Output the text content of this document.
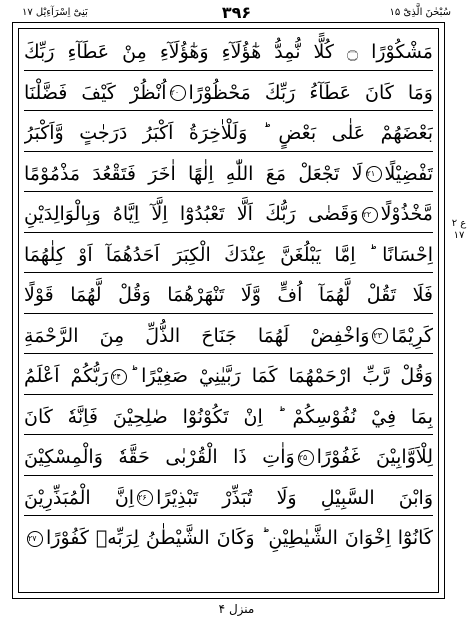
سُبْحٰنَ الَّذِیْٓ ۱۵
۳۹۶
بَنِیْٓ اِسْرَآءِیْل ۱۷
مَشْكُوْرًا ۝ كُلًّا نُّمِدُّ هٰٓؤُلَآءِ وَهٰٓؤُلَآءِ مِنْ عَطَآءِ رَبِّكَ
وَمَا كَانَ عَطَآءُ رَبِّكَ مَحْظُوْرًا۲۰اُنْظُرْ كَيْفَ فَضَّلْنَا
بَعْضَهُمْ عَلٰى بَعْضٍ ؕ وَلَلْاٰخِرَةُ اَكْبَرُ دَرَجٰتٍ وَّاَكْبَرُ
تَفْضِيْلًا۲۱لَا تَجْعَلْ مَعَ اللّٰهِ اِلٰهًا اٰخَرَ فَتَقْعُدَ مَذْمُوْمًا
مَّخْذُوْلًا۲۲وَقَضٰى رَبُّكَ اَلَّا تَعْبُدُوْٓا اِلَّآ اِيَّاهُ وَبِالْوَالِدَيْنِ
اِحْسَانًا ؕ اِمَّا يَبْلُغَنَّ عِنْدَكَ الْكِبَرَ اَحَدُهُمَآ اَوْ كِلٰهُمَا
فَلَا تَقُلْ لَّهُمَآ اُفٍّ وَّلَا تَنْهَرْهُمَا وَقُلْ لَّهُمَا قَوْلًا
كَرِيْمًا۲۳وَاخْفِضْ لَهُمَا جَنَاحَ الذُّلِّ مِنَ الرَّحْمَةِ
وَقُلْ رَّبِّ ارْحَمْهُمَا كَمَا رَبَّيٰنِيْ صَغِيْرًا ؕ۲۴رَبُّكُمْ اَعْلَمُ
بِمَا فِيْ نُفُوْسِكُمْ ؕ اِنْ تَكُوْنُوْا صٰلِحِيْنَ فَاِنَّهٗ كَانَ
لِلْاَوَّابِيْنَ غَفُوْرًا۲۵وَاٰتِ ذَا الْقُرْبٰى حَقَّهٗ وَالْمِسْكِيْنَ
وَابْنَ السَّبِيْلِ وَلَا تُبَذِّرْ تَبْذِيْرًا۲۶اِنَّ الْمُبَذِّرِيْنَ
كَانُوْٓا اِخْوَانَ الشَّيٰطِيْنِ ؕ وَكَانَ الشَّيْطٰنُ لِرَبِّهٖ كَفُوْرًا۲۷
ع ۲ ۱۷
منزل ۴
